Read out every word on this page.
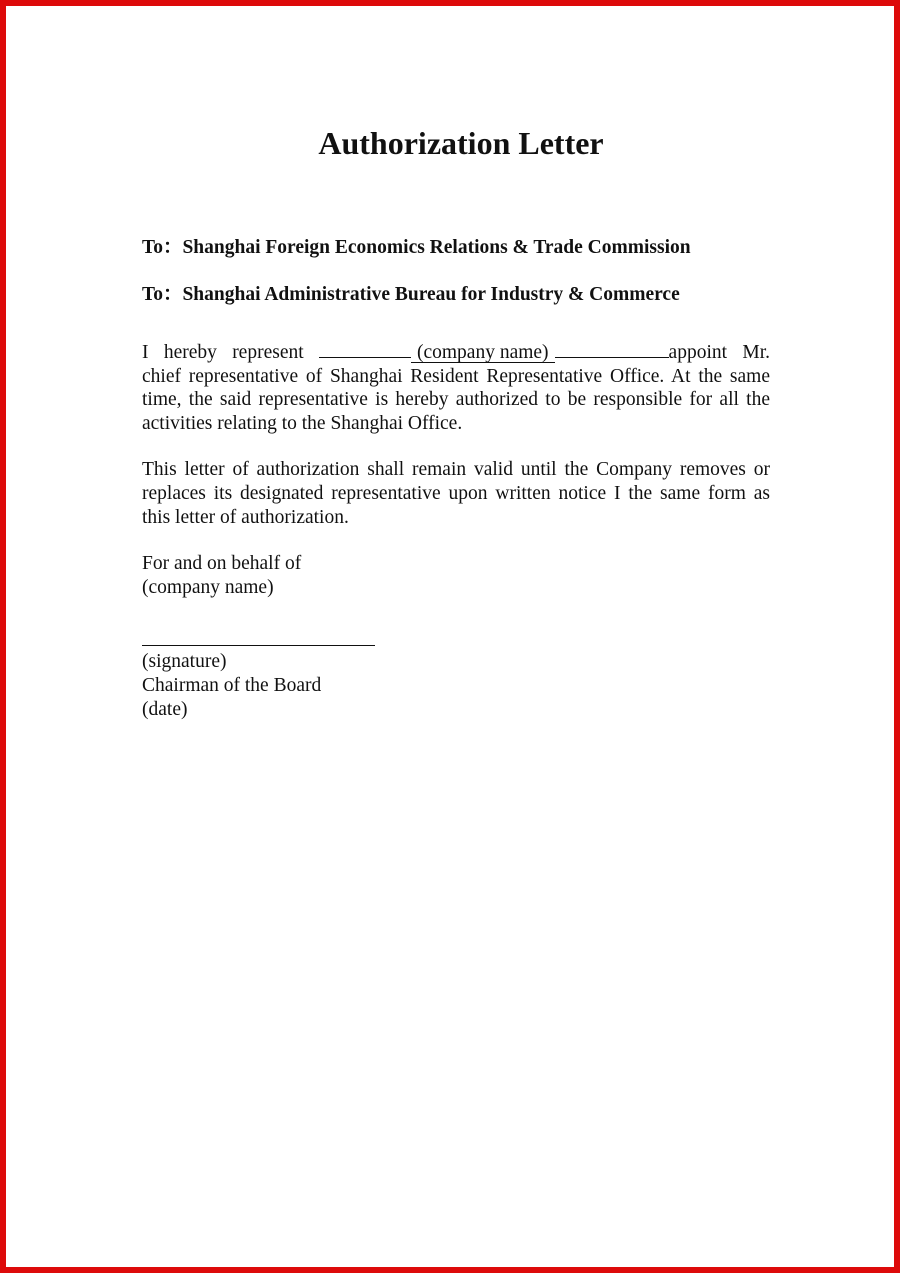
Authorization Letter

To：Shanghai Foreign Economics Relations & Trade Commission

To：Shanghai Administrative Bureau for Industry & Commerce

I hereby represent	(company name)	appoint Mr. chief representative of Shanghai Resident Representative Office. At the same time, the said representative is hereby authorized to be responsible for all the activities relating to the Shanghai Office.

This letter of authorization shall remain valid until the Company removes or replaces its designated representative upon written notice I the same form as this letter of authorization.

For and on behalf of
(company name)
(signature)
Chairman of the Board
(date)
